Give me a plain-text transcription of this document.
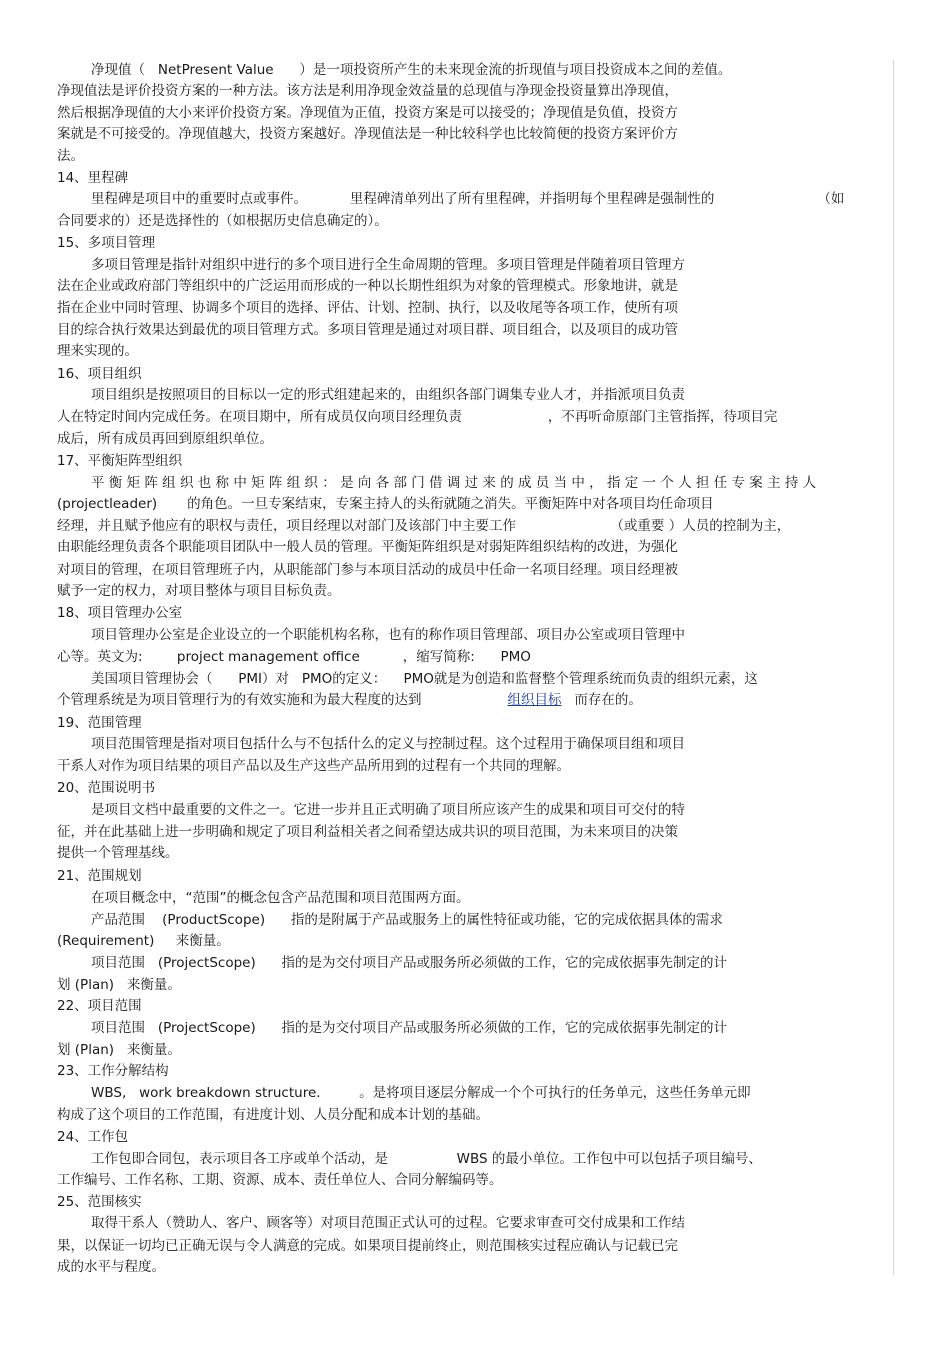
净现值（   NetPresent Value      ）是一项投资所产生的未来现金流的折现值与项目投资成本之间的差值。
净现值法是评价投资方案的一种方法。该方法是利用净现金效益量的总现值与净现金投资量算出净现值，
然后根据净现值的大小来评价投资方案。净现值为正值，投资方案是可以接受的；净现值是负值，投资方
案就是不可接受的。净现值越大，投资方案越好。净现值法是一种比较科学也比较简便的投资方案评价方
法。
14、里程碑
里程碑是项目中的重要时点或事件。          里程碑清单列出了所有里程碑，并指明每个里程碑是强制性的                        （如
合同要求的）还是选择性的（如根据历史信息确定的）。
15、多项目管理
多项目管理是指针对组织中进行的多个项目进行全生命周期的管理。多项目管理是伴随着项目管理方
法在企业或政府部门等组织中的广泛运用而形成的一种以长期性组织为对象的管理模式。形象地讲，就是
指在企业中同时管理、协调多个项目的选择、评估、计划、控制、执行，以及收尾等各项工作，使所有项
目的综合执行效果达到最优的项目管理方式。多项目管理是通过对项目群、项目组合，以及项目的成功管
理来实现的。
16、项目组织
项目组织是按照项目的目标以一定的形式组建起来的，由组织各部门调集专业人才，并指派项目负责
人在特定时间内完成任务。在项目期中，所有成员仅向项目经理负责                    ，不再听命原部门主管指挥，待项目完
成后，所有成员再回到原组织单位。
17、平衡矩阵型组织
平 衡 矩 阵 组 织 也 称 中 矩 阵 组 织 ： 是 向 各 部 门 借 调 过 来 的 成 员 当 中 ， 指 定 一 个 人 担 任 专 案 主 持 人
(projectleader)       的角色。一旦专案结束，专案主持人的头衔就随之消失。平衡矩阵中对各项目均任命项目
经理，并且赋予他应有的职权与责任，项目经理以对部门及该部门中主要工作                      （或重要 ）人员的控制为主，
由职能经理负责各个职能项目团队中一般人员的管理。平衡矩阵组织是对弱矩阵组织结构的改进，为强化
对项目的管理，在项目管理班子内，从职能部门参与本项目活动的成员中任命一名项目经理。项目经理被
赋予一定的权力，对项目整体与项目目标负责。
18、项目管理办公室
项目管理办公室是企业设立的一个职能机构名称，也有的称作项目管理部、项目办公室或项目管理中
心等。英文为:        project management office          ，缩写简称:      PMO
美国项目管理协会（      PMI）对   PMO的定义：    PMO就是为创造和监督整个管理系统而负责的组织元素，这
个管理系统是为项目管理行为的有效实施和为最大程度的达到	组织目标   而存在的。
19、范围管理
项目范围管理是指对项目包括什么与不包括什么的定义与控制过程。这个过程用于确保项目组和项目
干系人对作为项目结果的项目产品以及生产这些产品所用到的过程有一个共同的理解。
20、范围说明书
是项目文档中最重要的文件之一。它进一步并且正式明确了项目所应该产生的成果和项目可交付的特
征，并在此基础上进一步明确和规定了项目利益相关者之间希望达成共识的项目范围，为未来项目的决策
提供一个管理基线。
21、范围规划
在项目概念中，“范围”的概念包含产品范围和项目范围两方面。
产品范围    (ProductScope)      指的是附属于产品或服务上的属性特征或功能，它的完成依据具体的需求
(Requirement)     来衡量。
项目范围   (ProjectScope)      指的是为交付项目产品或服务所必须做的工作，它的完成依据事先制定的计
划 (Plan)   来衡量。
22、项目范围
项目范围   (ProjectScope)      指的是为交付项目产品或服务所必须做的工作，它的完成依据事先制定的计
划 (Plan)   来衡量。
23、工作分解结构
WBS,   work breakdown structure.         。是将项目逐层分解成一个个可执行的任务单元，这些任务单元即
构成了这个项目的工作范围，有进度计划、人员分配和成本计划的基础。
24、工作包
工作包即合同包，表示项目各工序或单个活动，是                WBS 的最小单位。工作包中可以包括子项目编号、
工作编号、工作名称、工期、资源、成本、责任单位人、合同分解编码等。
25、范围核实
取得干系人（赞助人、客户、顾客等）对项目范围正式认可的过程。它要求审查可交付成果和工作结
果，以保证一切均已正确无误与令人满意的完成。如果项目提前终止，则范围核实过程应确认与记载已完
成的水平与程度。
